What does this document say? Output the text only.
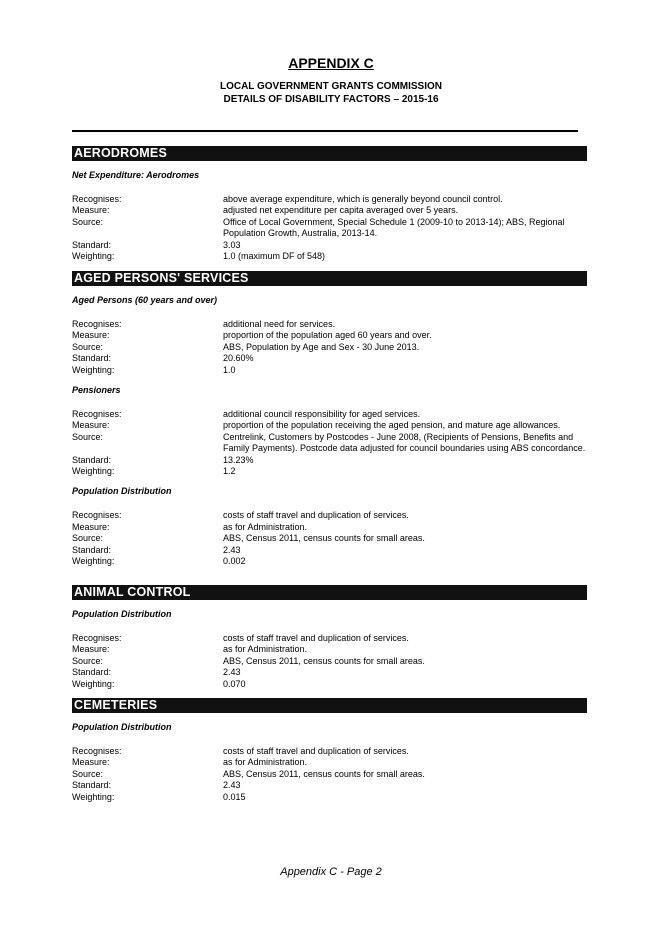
APPENDIX C
LOCAL GOVERNMENT GRANTS COMMISSION
DETAILS OF DISABILITY FACTORS – 2015-16
AERODROMES
Net Expenditure: Aerodromes
Recognises:	above average expenditure, which is generally beyond council control.
Measure:	adjusted net expenditure per capita averaged over 5 years.
Source:	Office of Local Government, Special Schedule 1 (2009-10 to 2013-14); ABS, Regional Population Growth, Australia, 2013-14.
Standard:	3.03
Weighting:	1.0 (maximum DF of 548)
AGED PERSONS' SERVICES
Aged Persons (60 years and over)
Recognises:	additional need for services.
Measure:	proportion of the population aged 60 years and over.
Source:	ABS, Population by Age and Sex - 30 June 2013.
Standard:	20.60%
Weighting:	1.0
Pensioners
Recognises:	additional council responsibility for aged services.
Measure:	proportion of the population receiving the aged pension, and mature age allowances.
Source:	Centrelink, Customers by Postcodes - June 2008, (Recipients of Pensions, Benefits and Family Payments). Postcode data adjusted for council boundaries using ABS concordance.
Standard:	13.23%
Weighting:	1.2
Population Distribution
Recognises:	costs of staff travel and duplication of services.
Measure:	as for Administration.
Source:	ABS, Census 2011, census counts for small areas.
Standard:	2.43
Weighting:	0.002
ANIMAL CONTROL
Population Distribution
Recognises:	costs of staff travel and duplication of services.
Measure:	as for Administration.
Source:	ABS, Census 2011, census counts for small areas.
Standard:	2.43
Weighting:	0.070
CEMETERIES
Population Distribution
Recognises:	costs of staff travel and duplication of services.
Measure:	as for Administration.
Source:	ABS, Census 2011, census counts for small areas.
Standard:	2.43
Weighting:	0.015
Appendix C - Page 2
